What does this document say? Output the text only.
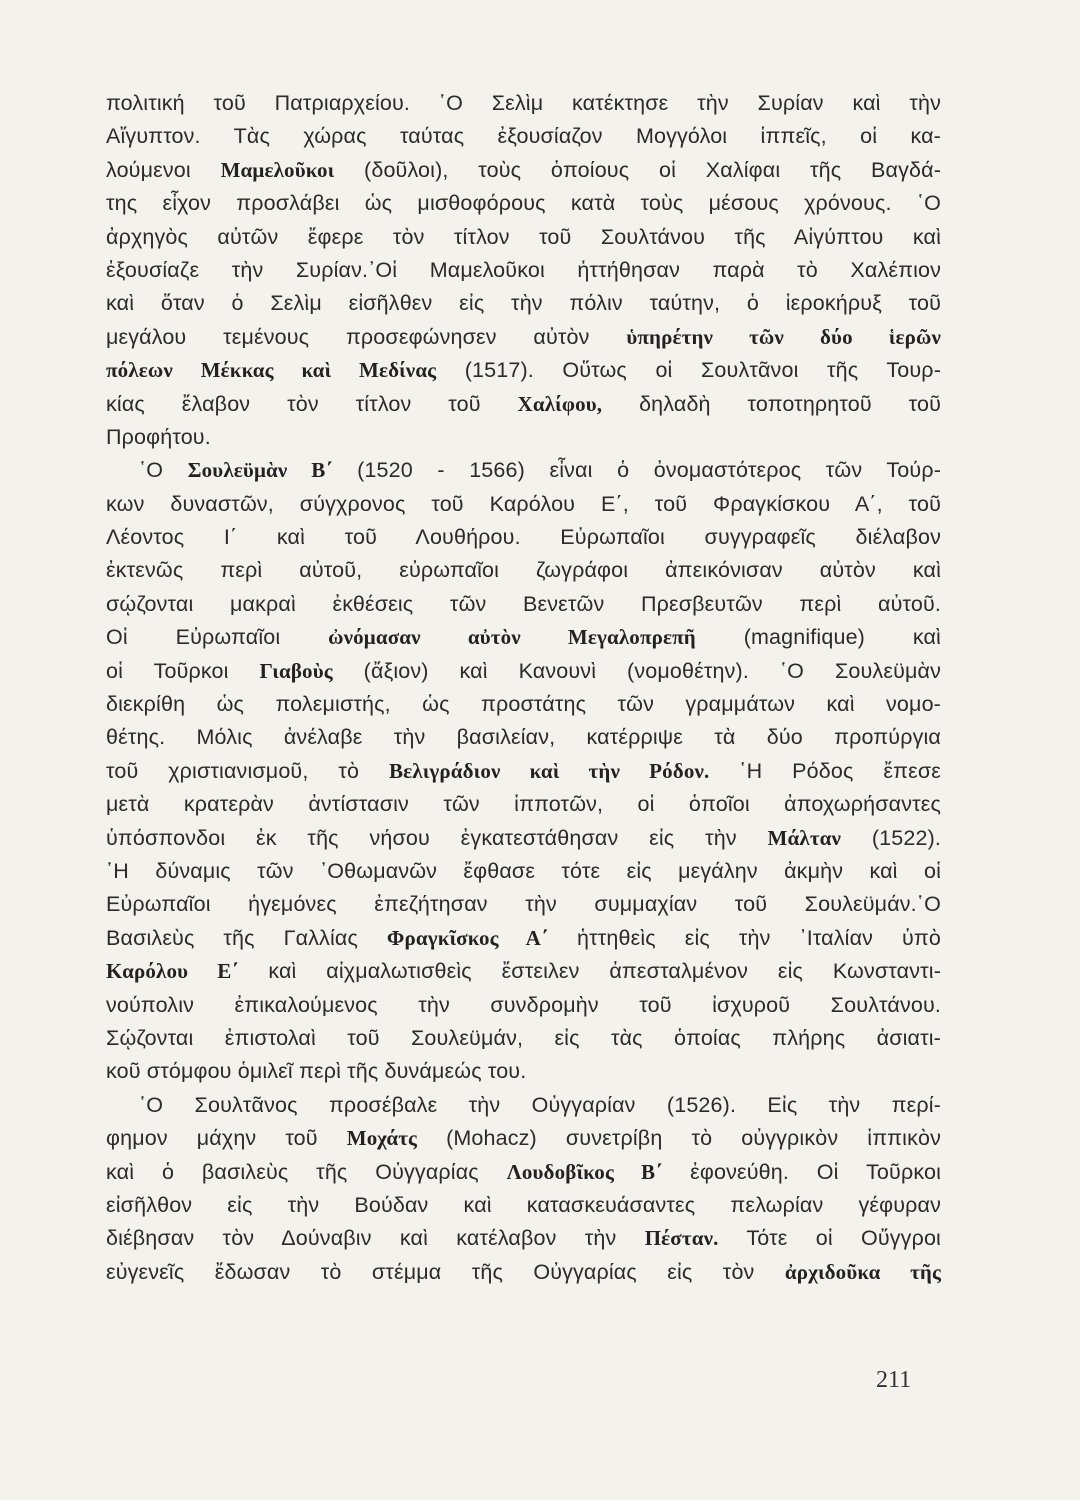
πολιτική τοῦ Πατριαρχείου. ῾Ο Σελὶμ κατέκτησε τὴν Συρίαν καὶ τὴν
Αἴγυπτον. Τὰς χώρας ταύτας ἐξουσίαζον Μογγόλοι ἱππεῖς, οἱ κα-
λούμενοι Μαμελοῦκοι (δοῦλοι), τοὺς ὁποίους οἱ Χαλίφαι τῆς Βαγδά-
της εἶχον προσλάβει ὡς μισθοφόρους κατὰ τοὺς μέσους χρόνους. ῾Ο
ἀρχηγὸς αὐτῶν ἔφερε τὸν τίτλον τοῦ Σουλτάνου τῆς Αἰγύπτου καὶ
ἐξουσίαζε τὴν Συρίαν.᾿Οἱ Μαμελοῦκοι ἡττήθησαν παρὰ τὸ Χαλέπιον
καὶ ὅταν ὁ Σελὶμ εἰσῆλθεν εἰς τὴν πόλιν ταύτην, ὁ ἱεροκήρυξ τοῦ
μεγάλου τεμένους προσεφώνησεν αὐτὸν ὑπηρέτην τῶν δύο ἱερῶν
πόλεων Μέκκας καὶ Μεδίνας (1517). Οὕτως οἱ Σουλτᾶνοι τῆς Τουρ-
κίας ἔλαβον τὸν τίτλον τοῦ Χαλίφου, δηλαδὴ τοποτηρητοῦ τοῦ
Προφήτου.
῾Ο Σουλεϋμὰν Β΄ (1520 - 1566) εἶναι ὁ ὀνομαστότερος τῶν Τούρ-
κων δυναστῶν, σύγχρονος τοῦ Καρόλου Ε΄, τοῦ Φραγκίσκου Α΄, τοῦ
Λέοντος Ι΄ καὶ τοῦ Λουθήρου. Εὐρωπαῖοι συγγραφεῖς διέλαβον
ἐκτενῶς περὶ αὐτοῦ, εὐρωπαῖοι ζωγράφοι ἀπεικόνισαν αὐτὸν καὶ
σῴζονται μακραὶ ἐκθέσεις τῶν Βενετῶν Πρεσβευτῶν περὶ αὐτοῦ.
Οἱ Εὐρωπαῖοι ὠνόμασαν αὐτὸν Μεγαλοπρεπῆ (magnifique) καὶ
οἱ Τοῦρκοι Γιαβοὺς (ἄξιον) καὶ Κανουνὶ (νομοθέτην). ῾Ο Σουλεϋμὰν
διεκρίθη ὡς πολεμιστής, ὡς προστάτης τῶν γραμμάτων καὶ νομο-
θέτης. Μόλις ἀνέλαβε τὴν βασιλείαν, κατέρριψε τὰ δύο προπύργια
τοῦ χριστιανισμοῦ, τὸ Βελιγράδιον καὶ τὴν Ρόδον. ῾Η Ρόδος ἔπεσε
μετὰ κρατερὰν ἀντίστασιν τῶν ἱπποτῶν, οἱ ὁποῖοι ἀποχωρήσαντες
ὑπόσπονδοι ἐκ τῆς νήσου ἐγκατεστάθησαν εἰς τὴν Μάλταν (1522).
῾Η δύναμις τῶν ᾿Οθωμανῶν ἔφθασε τότε εἰς μεγάλην ἀκμὴν καὶ οἱ
Εὐρωπαῖοι ἡγεμόνες ἐπεζήτησαν τὴν συμμαχίαν τοῦ Σουλεϋμάν.῾Ο
Βασιλεὺς τῆς Γαλλίας Φραγκῖσκος Α΄ ἡττηθεὶς εἰς τὴν ᾿Ιταλίαν ὑπὸ
Καρόλου Ε΄ καὶ αἰχμαλωτισθεὶς ἔστειλεν ἀπεσταλμένον εἰς Κωνσταντι-
νούπολιν ἐπικαλούμενος τὴν συνδρομὴν τοῦ ἰσχυροῦ Σουλτάνου.
Σῴζονται ἐπιστολαὶ τοῦ Σουλεϋμάν, εἰς τὰς ὁποίας πλήρης ἀσιατι-
κοῦ στόμφου ὁμιλεῖ περὶ τῆς δυνάμεώς του.
῾Ο Σουλτᾶνος προσέβαλε τὴν Οὐγγαρίαν (1526). Εἰς τὴν περί-
φημον μάχην τοῦ Μοχάτς (Mohacz) συνετρίβη τὸ οὐγγρικὸν ἱππικὸν
καὶ ὁ βασιλεὺς τῆς Οὐγγαρίας Λουδοβῖκος Β΄ ἐφονεύθη. Οἱ Τοῦρκοι
εἰσῆλθον εἰς τὴν Βούδαν καὶ κατασκευάσαντες πελωρίαν γέφυραν
διέβησαν τὸν Δούναβιν καὶ κατέλαβον τὴν Πέσταν. Τότε οἱ Οὔγγροι
εὐγενεῖς ἔδωσαν τὸ στέμμα τῆς Οὐγγαρίας εἰς τὸν ἀρχιδοῦκα τῆς
211
